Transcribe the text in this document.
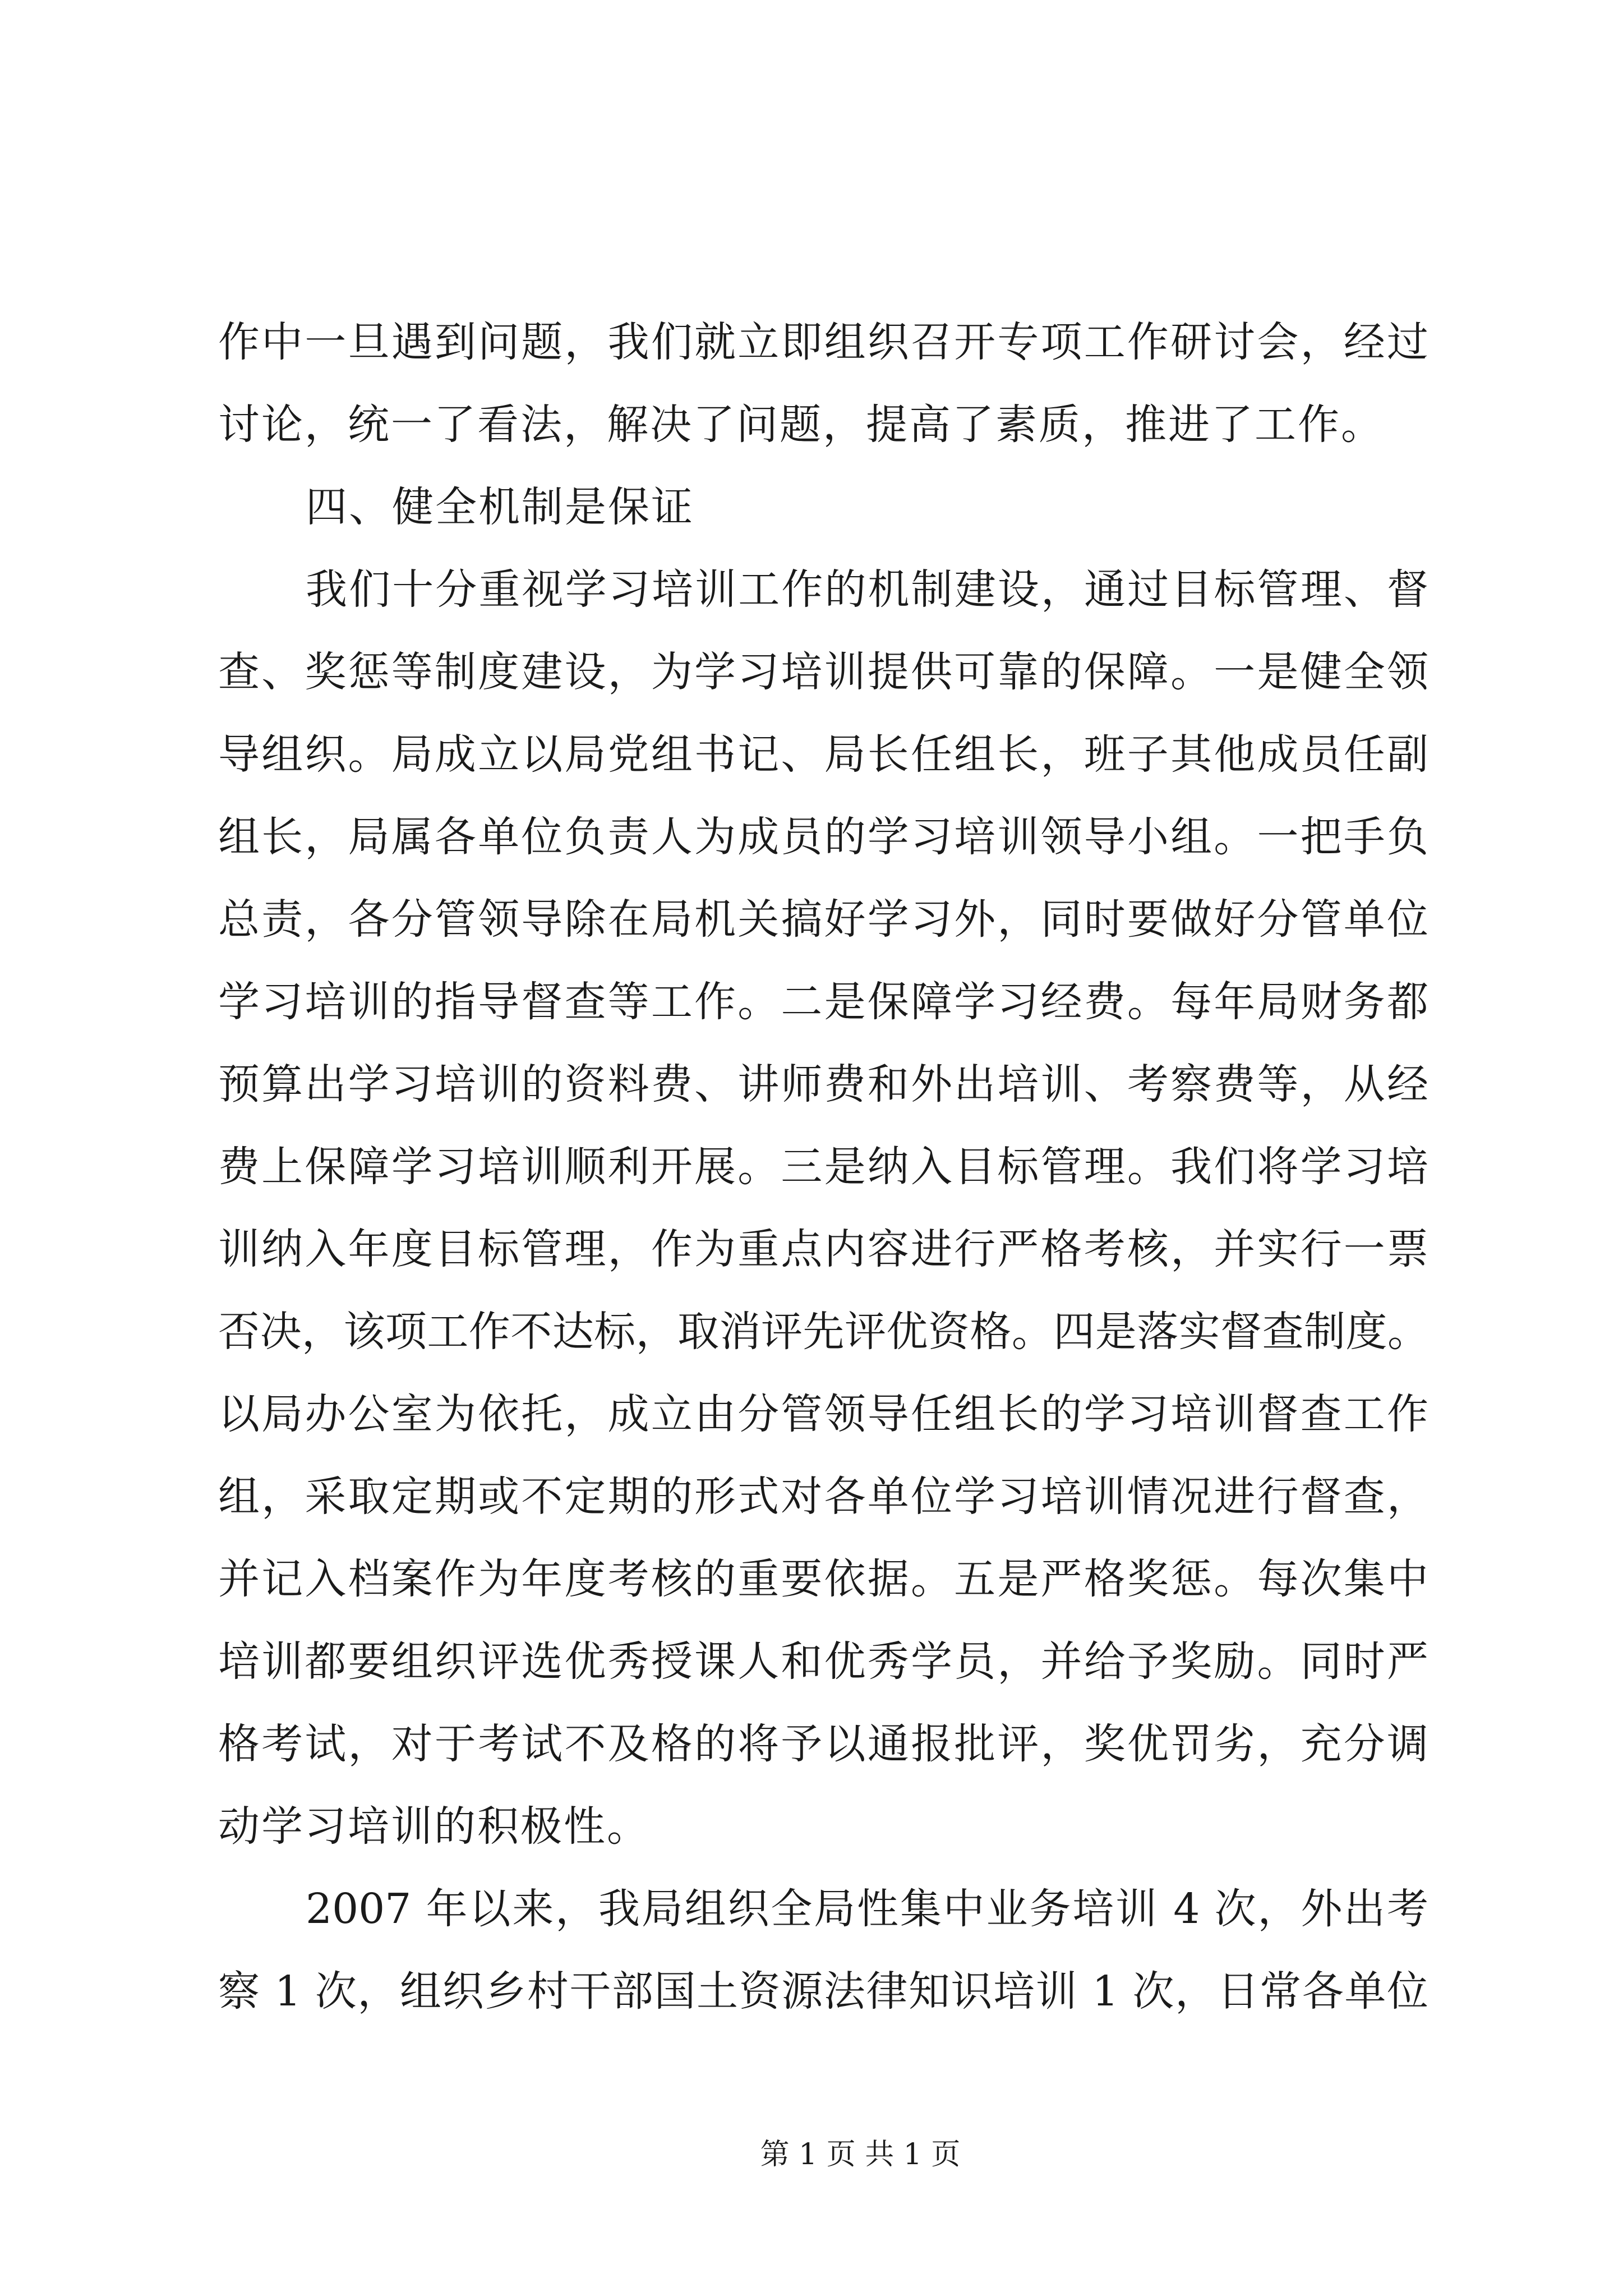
作中一旦遇到问题，我们就立即组织召开专项工作研讨会，经过
讨论，统一了看法，解决了问题，提高了素质，推进了工作。
四、健全机制是保证
我们十分重视学习培训工作的机制建设，通过目标管理、督
查、奖惩等制度建设，为学习培训提供可靠的保障。一是健全领
导组织。局成立以局党组书记、局长任组长，班子其他成员任副
组长，局属各单位负责人为成员的学习培训领导小组。一把手负
总责，各分管领导除在局机关搞好学习外，同时要做好分管单位
学习培训的指导督查等工作。二是保障学习经费。每年局财务都
预算出学习培训的资料费、讲师费和外出培训、考察费等，从经
费上保障学习培训顺利开展。三是纳入目标管理。我们将学习培
训纳入年度目标管理，作为重点内容进行严格考核，并实行一票
否决，该项工作不达标，取消评先评优资格。四是落实督查制度。
以局办公室为依托，成立由分管领导任组长的学习培训督查工作
组，采取定期或不定期的形式对各单位学习培训情况进行督查，
并记入档案作为年度考核的重要依据。五是严格奖惩。每次集中
培训都要组织评选优秀授课人和优秀学员，并给予奖励。同时严
格考试，对于考试不及格的将予以通报批评，奖优罚劣，充分调
动学习培训的积极性。
2007 年以来，我局组织全局性集中业务培训 4 次，外出考
察 1 次，组织乡村干部国土资源法律知识培训 1 次，日常各单位
第 1 页 共 1 页
